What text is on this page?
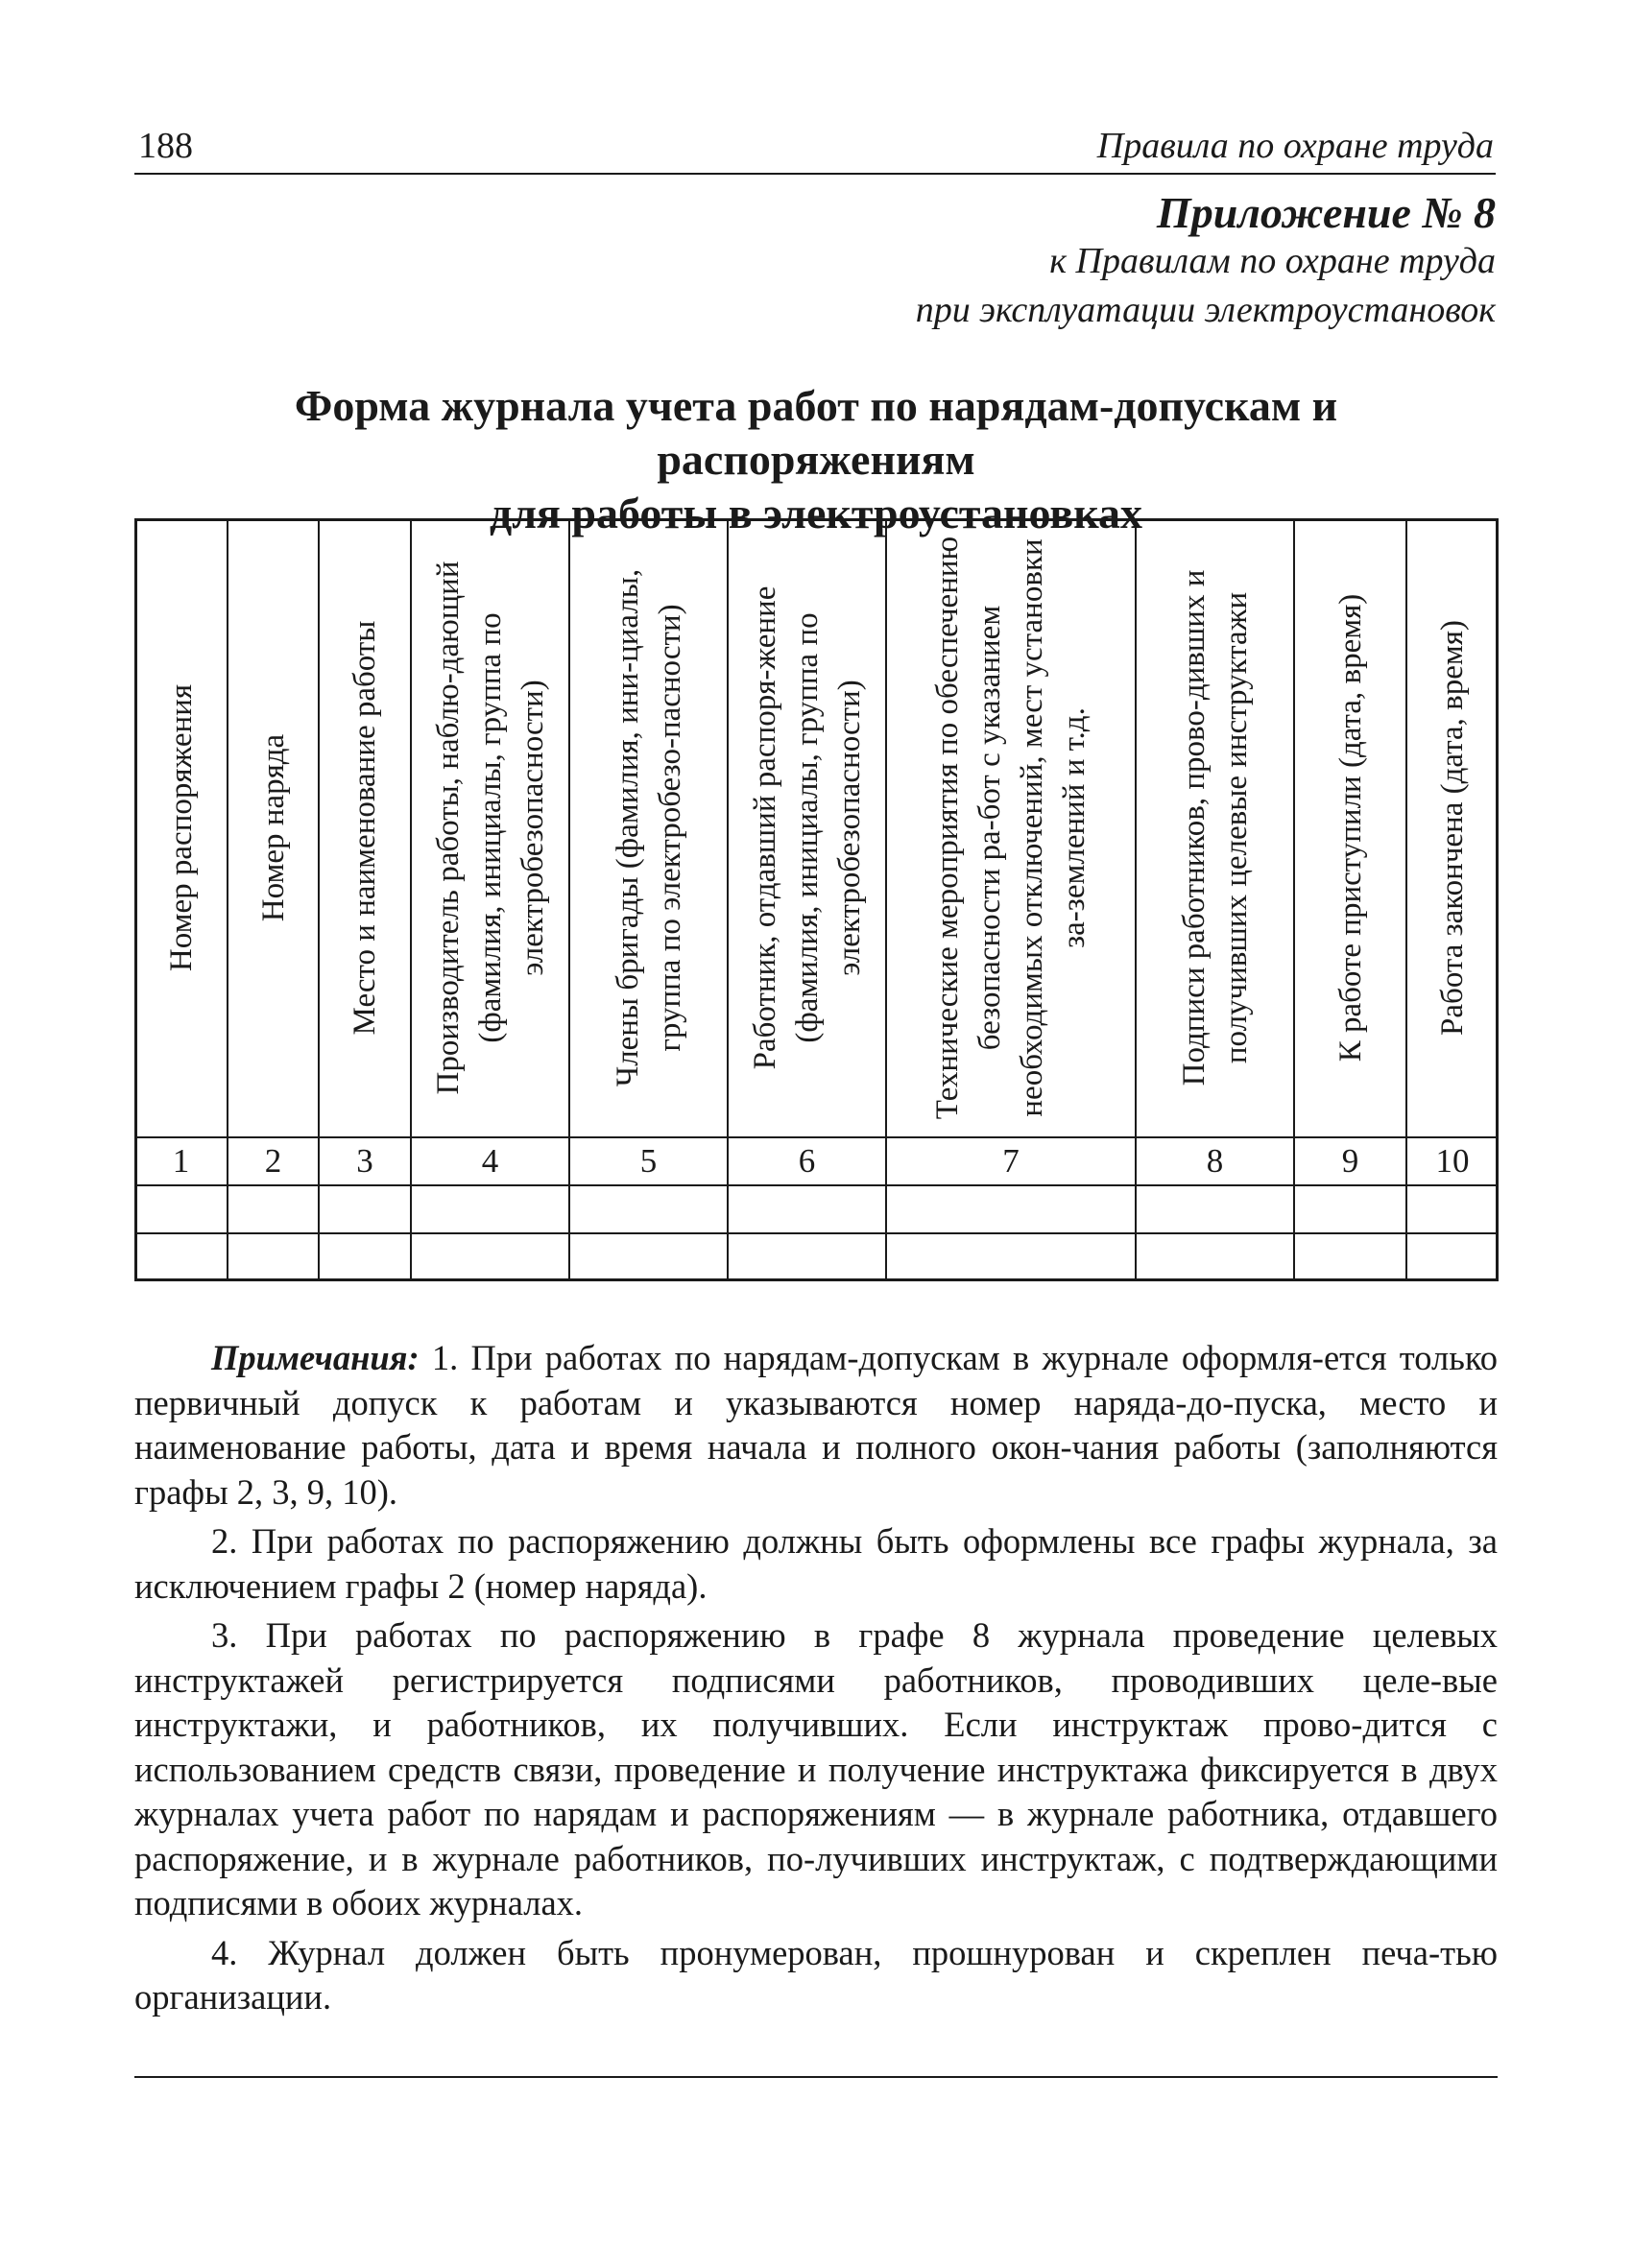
188	Правила по охране труда
Приложение № 8
к Правилам по охране труда
при эксплуатации электроустановок
Форма журнала учета работ по нарядам-допускам и распоряжениям
для работы в электроустановках
Номер распоряжения
1
Номер наряда
2
Место и наименование работы
3
Производитель работы, наблю-дающий (фамилия, инициалы, группа по электробезопасности)
4
Члены бригады (фамилия, ини-циалы, группа по электробезо-пасности)
5
Работник, отдавший распоря-жение (фамилия, инициалы, группа по электробезопасности)
6
Технические мероприятия по обеспечению безопасности ра-бот с указанием необходимых отключений, мест установки за-землений и т.д.
7
Подписи работников, прово-дивших и получивших целевые инструктажи
8
К работе приступили (дата, время)
9
Работа закончена (дата, время)
10

Примечания: 1. При работах по нарядам-допускам в журнале оформля-ется только первичный допуск к работам и указываются номер наряда-до-пуска, место и наименование работы, дата и время начала и полного окон-чания работы (заполняются графы 2, 3, 9, 10).

2. При работах по распоряжению должны быть оформлены все графы журнала, за исключением графы 2 (номер наряда).

3. При работах по распоряжению в графе 8 журнала проведение целевых инструктажей регистрируется подписями работников, проводивших целе-вые инструктажи, и работников, их получивших. Если инструктаж прово-дится с использованием средств связи, проведение и получение инструктажа фиксируется в двух журналах учета работ по нарядам и распоряжениям — в журнале работника, отдавшего распоряжение, и в журнале работников, по-лучивших инструктаж, с подтверждающими подписями в обоих журналах.

4. Журнал должен быть пронумерован, прошнурован и скреплен печа-тью организации.
